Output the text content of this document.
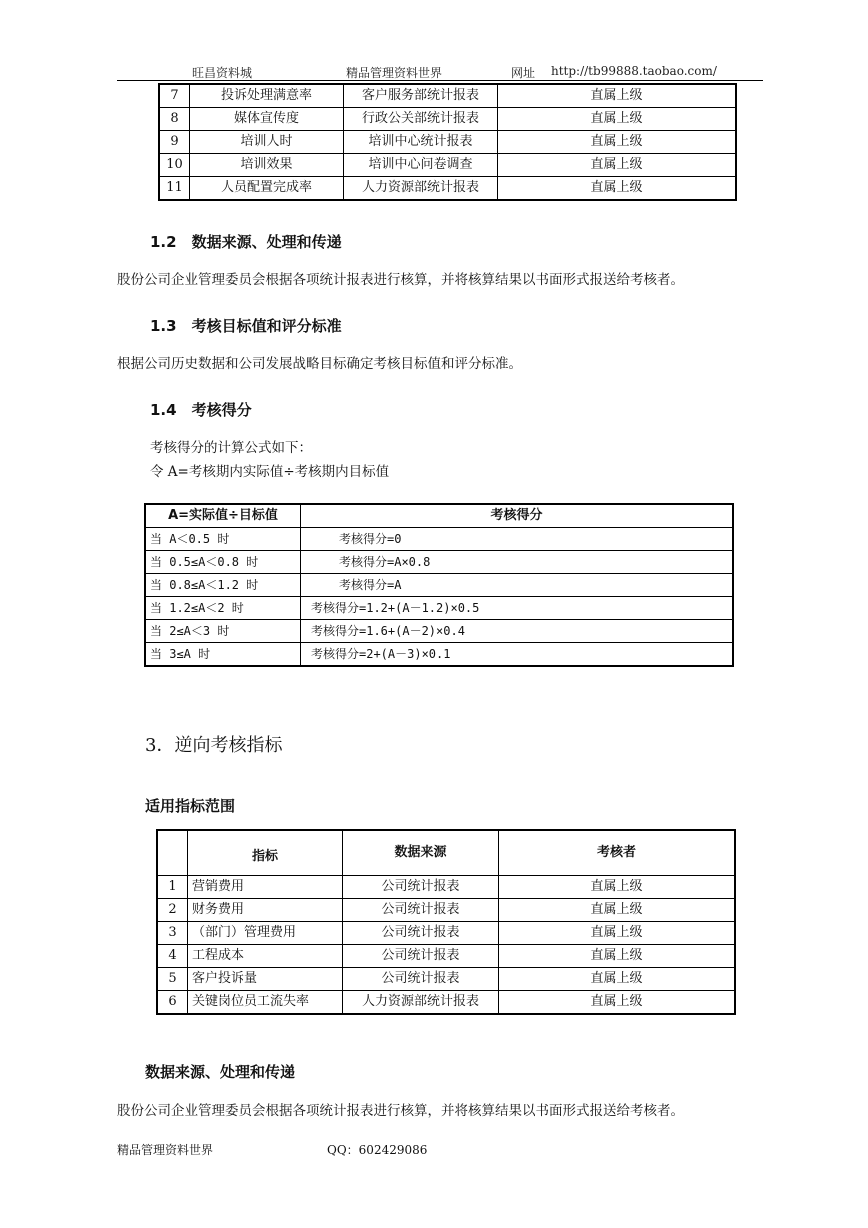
旺昌资料城	精品管理资料世界	网址 http://tb99888.taobao.com/
7	投诉处理满意率	客户服务部统计报表	直属上级
8	媒体宣传度	行政公关部统计报表	直属上级
9	培训人时	培训中心统计报表	直属上级
10	培训效果	培训中心问卷调查	直属上级
11	人员配置完成率	人力资源部统计报表	直属上级
1.2　数据来源、处理和传递
股份公司企业管理委员会根据各项统计报表进行核算，并将核算结果以书面形式报送给考核者。
1.3　考核目标值和评分标准
根据公司历史数据和公司发展战略目标确定考核目标值和评分标准。
1.4　考核得分
考核得分的计算公式如下：
令 A=考核期内实际值÷考核期内目标值
A=实际值÷目标值	考核得分
当 A＜0.5 时	考核得分=0
当 0.5≤A＜0.8 时	考核得分=A×0.8
当 0.8≤A＜1.2 时	考核得分=A
当 1.2≤A＜2 时	考核得分=1.2+(A－1.2)×0.5
当 2≤A＜3 时	考核得分=1.6+(A－2)×0.4
当 3≤A 时	考核得分=2+(A－3)×0.1
3．逆向考核指标
适用指标范围
	指标	数据来源	考核者
1	营销费用	公司统计报表	直属上级
2	财务费用	公司统计报表	直属上级
3	（部门）管理费用	公司统计报表	直属上级
4	工程成本	公司统计报表	直属上级
5	客户投诉量	公司统计报表	直属上级
6	关键岗位员工流失率	人力资源部统计报表	直属上级
数据来源、处理和传递
股份公司企业管理委员会根据各项统计报表进行核算，并将核算结果以书面形式报送给考核者。
精品管理资料世界	QQ：602429086
